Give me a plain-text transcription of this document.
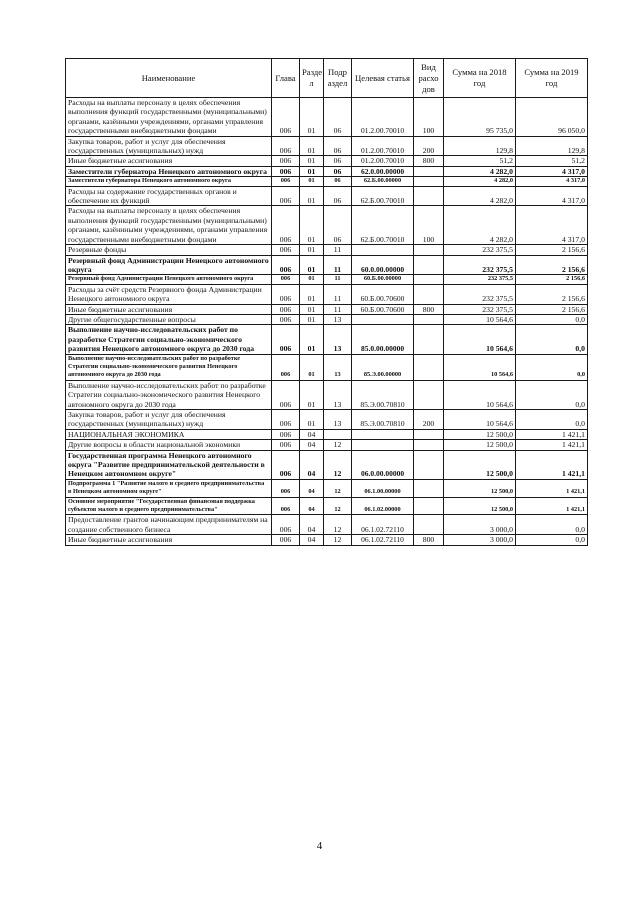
Наименование	Глава	Разде л	Подр аздел	Целевая статья	Вид расхо дов	Сумма на 2018 год	Сумма на 2019 год
Расходы на выплаты персоналу в целях обеспечения выполнения функций государственными (муниципальными) органами, казёнными учреждениями, органами управления государственными внебюджетными фондами	006	01	06	01.2.00.70010	100	95 735,0	96 050,0
Закупка товаров, работ и услуг для обеспечения государственных (муниципальных) нужд	006	01	06	01.2.00.70010	200	129,8	129,8
Иные бюджетные ассигнования	006	01	06	01.2.00.70010	800	51,2	51,2
Заместители губернатора Ненецкого автономного округа	006	01	06	62.0.00.00000		4 282,0	4 317,0
Заместители губернатора Ненецкого автономного округа	006	01	06	62.Б.00.00000		4 282,0	4 317,0
Расходы на содержание государственных органов и обеспечение их функций	006	01	06	62.Б.00.70010		4 282,0	4 317,0
Расходы на выплаты персоналу в целях обеспечения выполнения функций государственными (муниципальными) органами, казённными учреждениями, органами управления государственными внебюджетными фондами	006	01	06	62.Б.00.70010	100	4 282,0	4 317,0
Резервные фонды	006	01	11			232 375,5	2 156,6
Резервный фонд Администрации Ненецкого автономного округа	006	01	11	60.0.00.00000		232 375,5	2 156,6
Резервный фонд Администрации Ненецкого автономного округа	006	01	11	60.Б.00.00000		232 375,5	2 156,6
Расходы за счёт средств Резервного фонда Администрации Ненецкого автономного округа	006	01	11	60.Б.00.70600		232 375,5	2 156,6
Иные бюджетные ассигнования	006	01	11	60.Б.00.70600	800	232 375,5	2 156,6
Другие общегосударственные вопросы	006	01	13			10 564,6	0,0
Выполнение научно-исследовательских работ по разработке Стратегии социально-экономического развития Ненецкого автономного округа до 2030 года	006	01	13	85.0.00.00000		10 564,6	0,0
Выполнение научно-исследовательских работ по разработке Стратегии социально-экономического развития Ненецкого автономного округа до 2030 года	006	01	13	85.Э.00.00000		10 564,6	0,0
Выполнение научно-исследовательских работ по разработке Стратегии социально-экономического развития Ненецкого автономного округа до 2030 года	006	01	13	85.Э.00.70810		10 564,6	0,0
Закупка товаров, работ и услуг для обеспечения государственных (муниципальных) нужд	006	01	13	85.Э.00.70810	200	10 564,6	0,0
НАЦИОНАЛЬНАЯ ЭКОНОМИКА	006	04				12 500,0	1 421,1
Другие вопросы в области национальной экономики	006	04	12			12 500,0	1 421,1
Государственная программа Ненецкого автономного округа "Развитие предпринимательской деятельности в Ненецком автономном округе"	006	04	12	06.0.00.00000		12 500,0	1 421,1
Подпрограмма 1 "Развитие малого и среднего предпринимательства в Ненецком автономном округе"	006	04	12	06.1.00.00000		12 500,0	1 421,1
Основное мероприятие "Государственная финансовая поддержка субъектов малого и среднего предпринимательства"	006	04	12	06.1.02.00000		12 500,0	1 421,1
Предоставление грантов начинающим предпринимателям на создание собственного бизнеса	006	04	12	06.1.02.72110		3 000,0	0,0
Иные бюджетные ассигнования	006	04	12	06.1.02.72110	800	3 000,0	0,0
4
